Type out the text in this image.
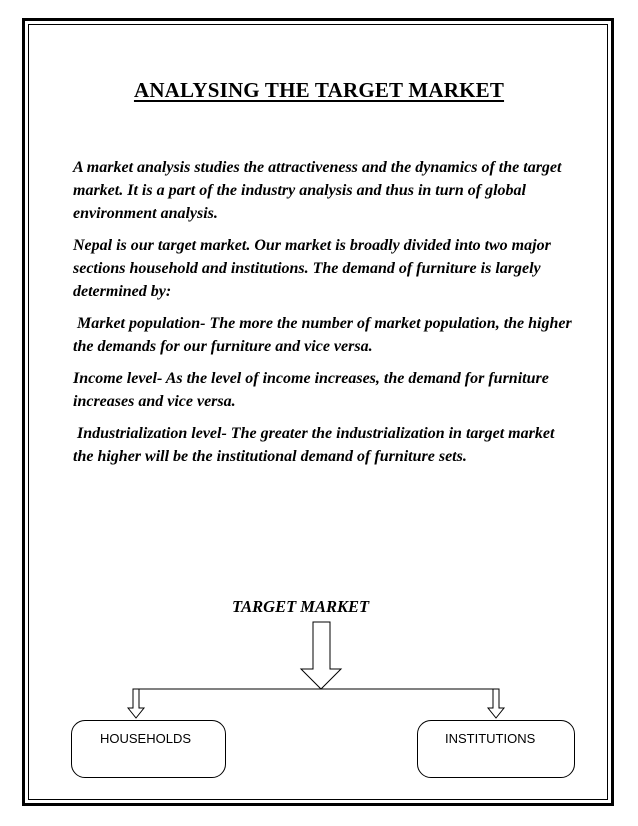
ANALYSING THE TARGET MARKET

A market analysis studies the attractiveness and the dynamics of the target market. It is a part of the industry analysis and thus in turn of global environment analysis.

Nepal is our target market. Our market is broadly divided into two major sections household and institutions. The demand of furniture is largely determined by:

Market population- The more the number of market population, the higher the demands for our furniture and vice versa.

Income level- As the level of income increases, the demand for furniture increases and vice versa.

Industrialization level- The greater the industrialization in target market the higher will be the institutional demand of furniture sets.

TARGET MARKET
HOUSEHOLDS	INSTITUTIONS
